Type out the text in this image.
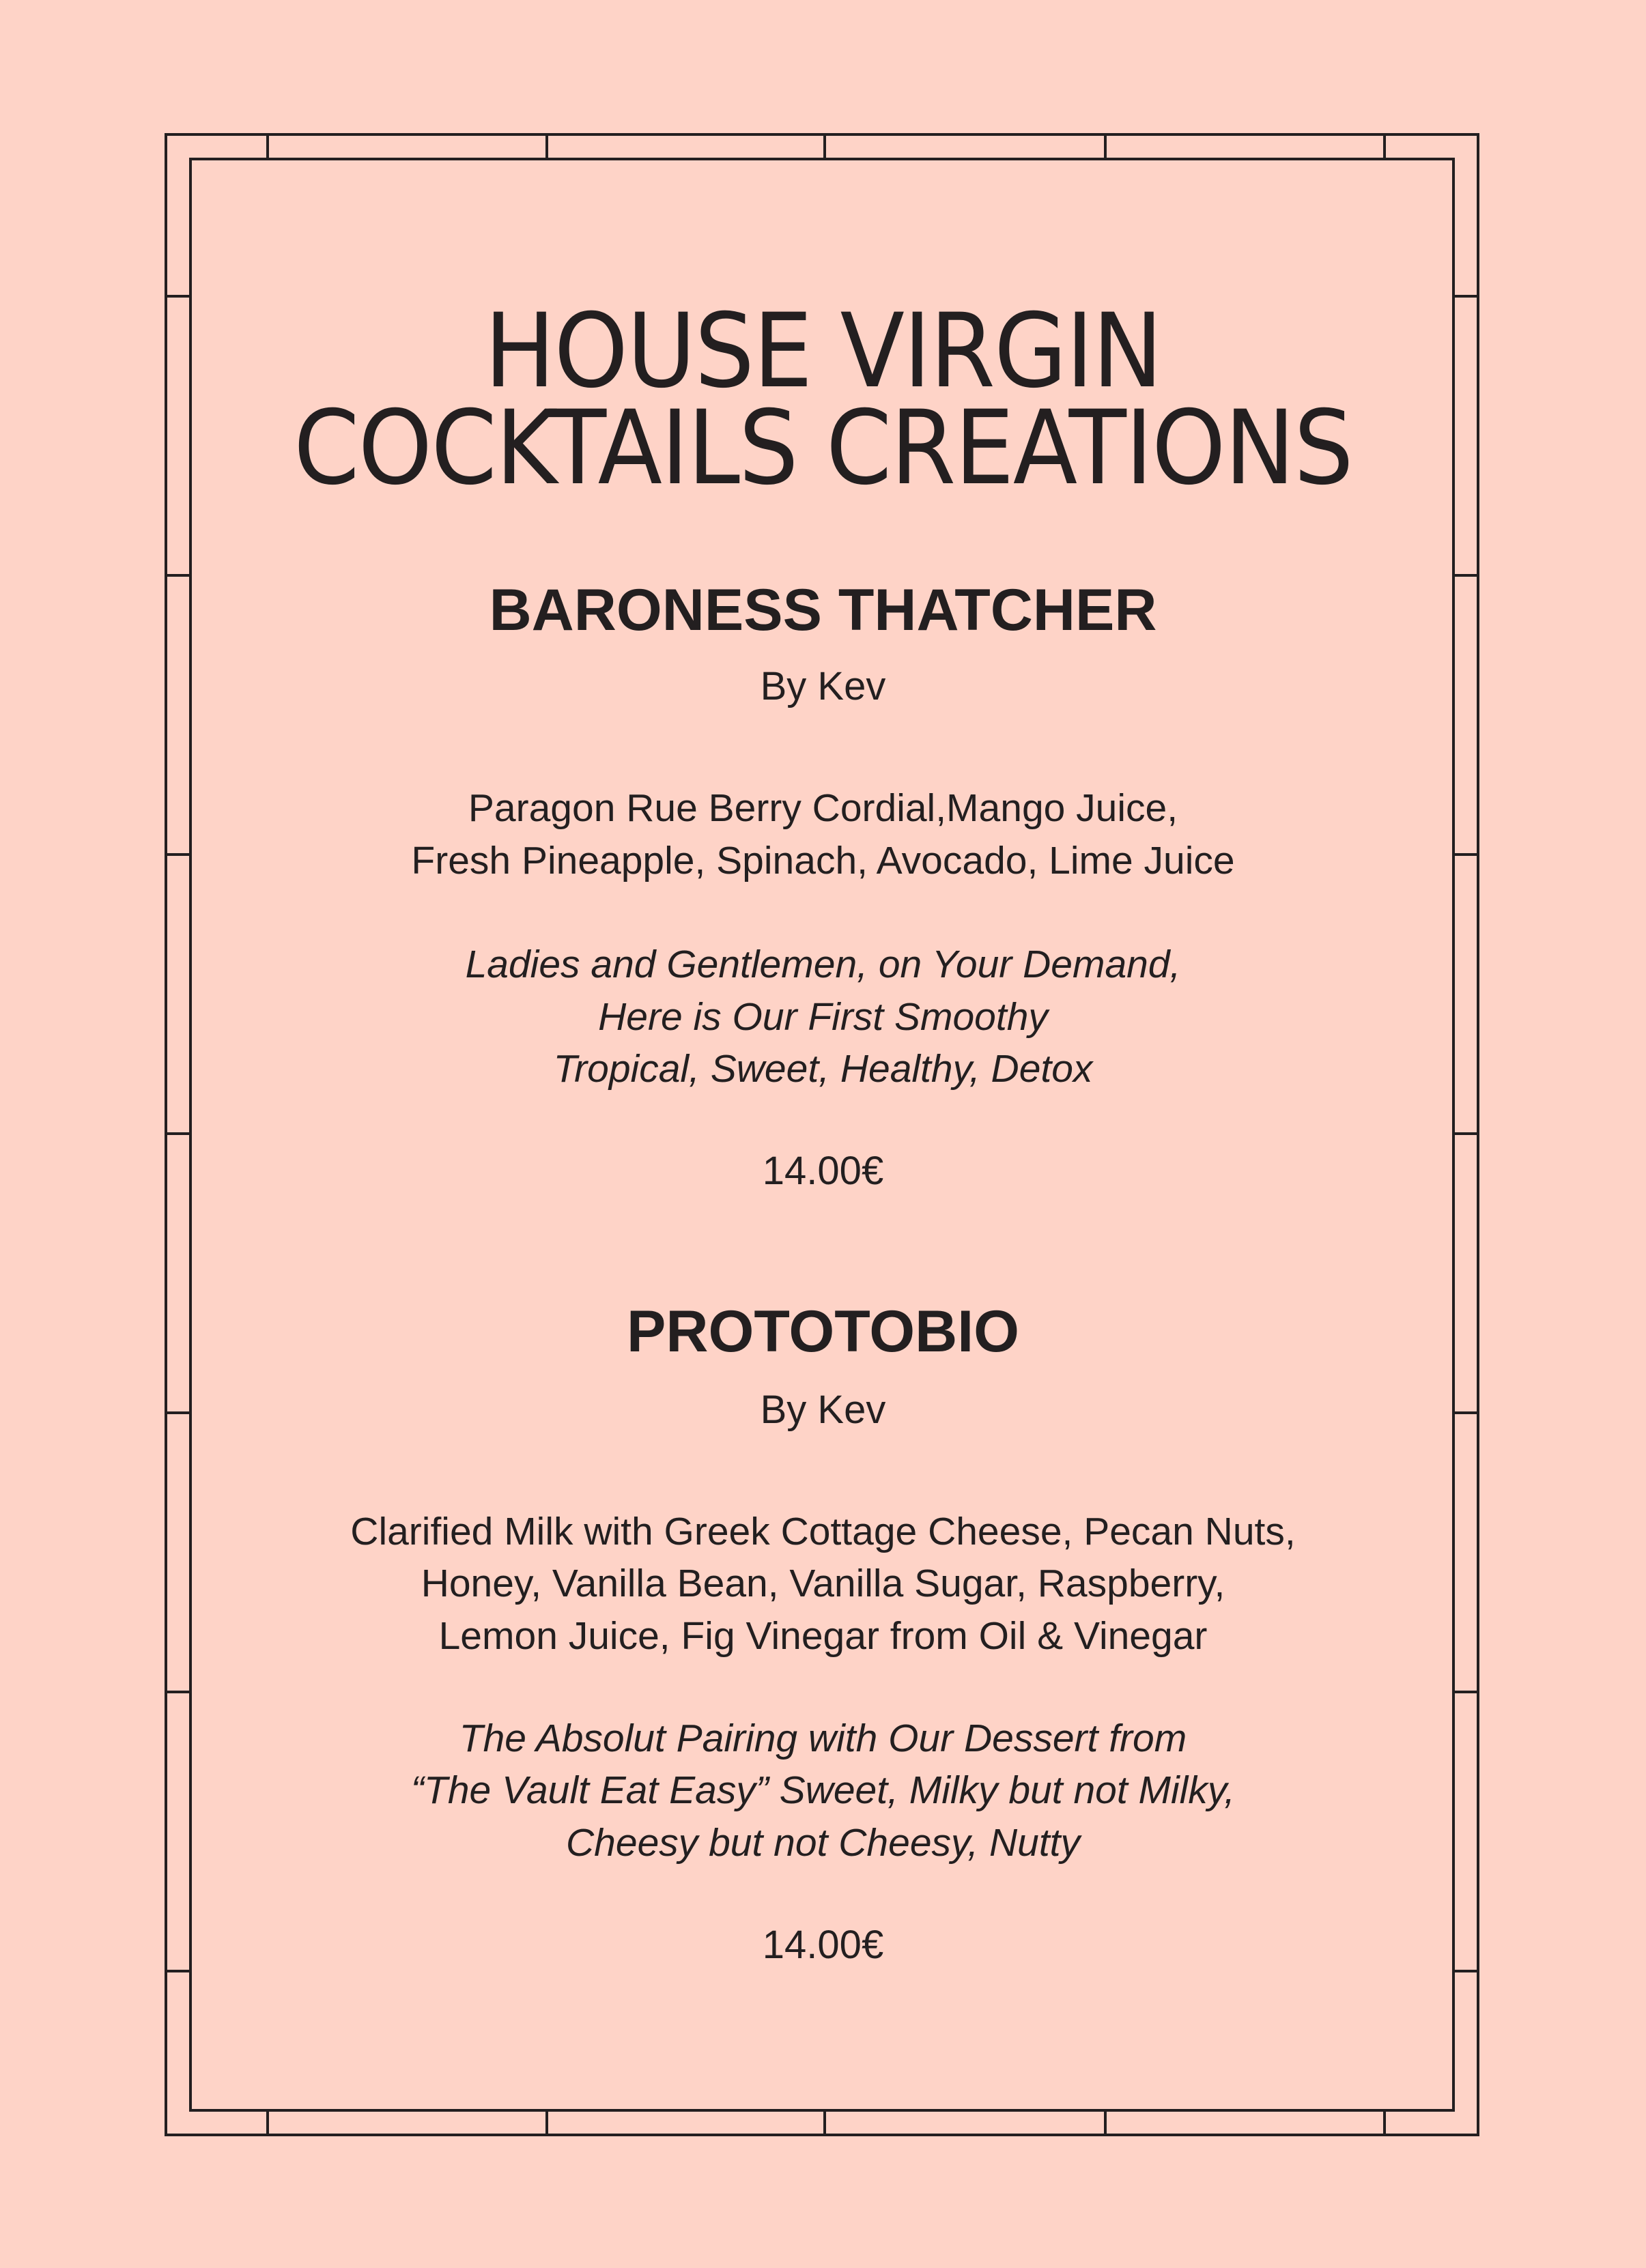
HOUSE VIRGIN
COCKTAILS CREATIONS
BARONESS THATCHER
By Kev
Paragon Rue Berry Cordial,Mango Juice,
Fresh Pineapple, Spinach, Avocado, Lime Juice
Ladies and Gentlemen, on Your Demand,
Here is Our First Smoothy
Tropical, Sweet, Healthy, Detox
14.00€
PROTOTOBIO
By Kev
Clarified Milk with Greek Cottage Cheese, Pecan Nuts,
Honey, Vanilla Bean, Vanilla Sugar, Raspberry,
Lemon Juice, Fig Vinegar from Oil & Vinegar
The Absolut Pairing with Our Dessert from
“The Vault Eat Easy” Sweet, Milky but not Milky,
Cheesy but not Cheesy, Nutty
14.00€
